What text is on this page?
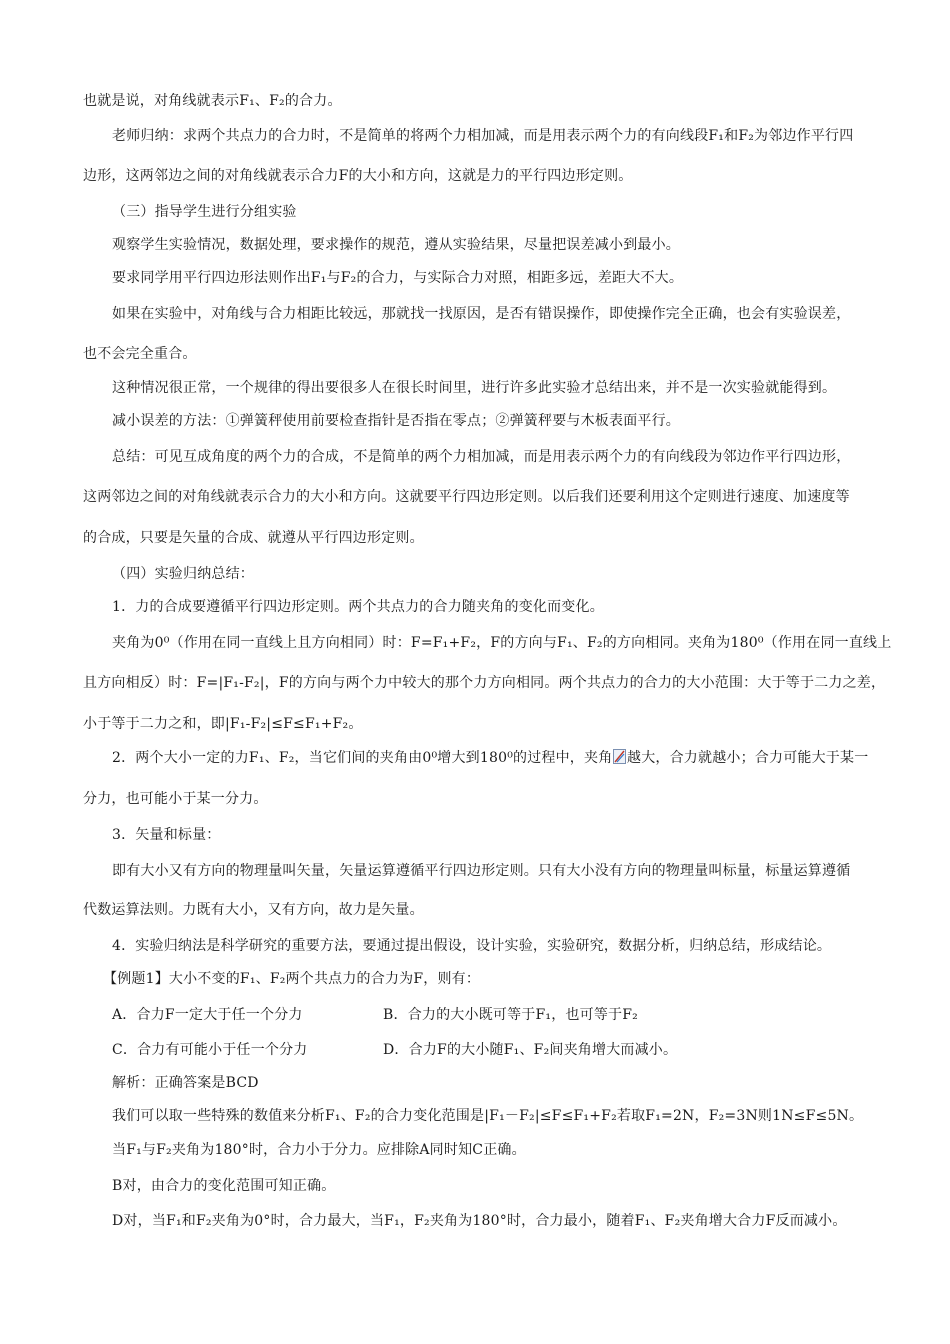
也就是说，对角线就表示F₁、F₂的合力。

老师归纳：求两个共点力的合力时，不是简单的将两个力相加减，而是用表示两个力的有向线段F₁和F₂为邻边作平行四

边形，这两邻边之间的对角线就表示合力F的大小和方向，这就是力的平行四边形定则。

（三）指导学生进行分组实验

观察学生实验情况，数据处理，要求操作的规范，遵从实验结果，尽量把误差减小到最小。

要求同学用平行四边形法则作出F₁与F₂的合力，与实际合力对照，相距多远，差距大不大。

如果在实验中，对角线与合力相距比较远，那就找一找原因，是否有错误操作，即使操作完全正确，也会有实验误差，

也不会完全重合。

这种情况很正常，一个规律的得出要很多人在很长时间里，进行许多此实验才总结出来，并不是一次实验就能得到。

减小误差的方法：①弹簧秤使用前要检查指针是否指在零点；②弹簧秤要与木板表面平行。

总结：可见互成角度的两个力的合成，不是简单的两个力相加减，而是用表示两个力的有向线段为邻边作平行四边形，

这两邻边之间的对角线就表示合力的大小和方向。这就要平行四边形定则。以后我们还要利用这个定则进行速度、加速度等

的合成，只要是矢量的合成、就遵从平行四边形定则。

（四）实验归纳总结：

1．力的合成要遵循平行四边形定则。两个共点力的合力随夹角的变化而变化。

夹角为0⁰（作用在同一直线上且方向相同）时：F=F₁+F₂，F的方向与F₁、F₂的方向相同。夹角为180⁰（作用在同一直线上

且方向相反）时：F=|F₁-F₂|，F的方向与两个力中较大的那个力方向相同。两个共点力的合力的大小范围：大于等于二力之差，

小于等于二力之和，即|F₁-F₂|≤F≤F₁+F₂。

2．两个大小一定的力F₁、F₂，当它们间的夹角由0⁰增大到180⁰的过程中，夹角 越大，合力就越小；合力可能大于某一

分力，也可能小于某一分力。

3．矢量和标量：

即有大小又有方向的物理量叫矢量，矢量运算遵循平行四边形定则。只有大小没有方向的物理量叫标量，标量运算遵循

代数运算法则。力既有大小，又有方向，故力是矢量。

4．实验归纳法是科学研究的重要方法，要通过提出假设，设计实验，实验研究，数据分析，归纳总结，形成结论。

【例题1】大小不变的F₁、F₂两个共点力的合力为F，则有：

A．合力F一定大于任一个分力	B．合力的大小既可等于F₁，也可等于F₂

C．合力有可能小于任一个分力	D．合力F的大小随F₁、F₂间夹角增大而减小。

解析：正确答案是BCD

我们可以取一些特殊的数值来分析F₁、F₂的合力变化范围是|F₁－F₂|≤F≤F₁+F₂若取F₁=2N，F₂=3N则1N≤F≤5N。

当F₁与F₂夹角为180°时，合力小于分力。应排除A同时知C正确。

B对，由合力的变化范围可知正确。

D对，当F₁和F₂夹角为0°时，合力最大，当F₁，F₂夹角为180°时，合力最小，随着F₁、F₂夹角增大合力F反而减小。
